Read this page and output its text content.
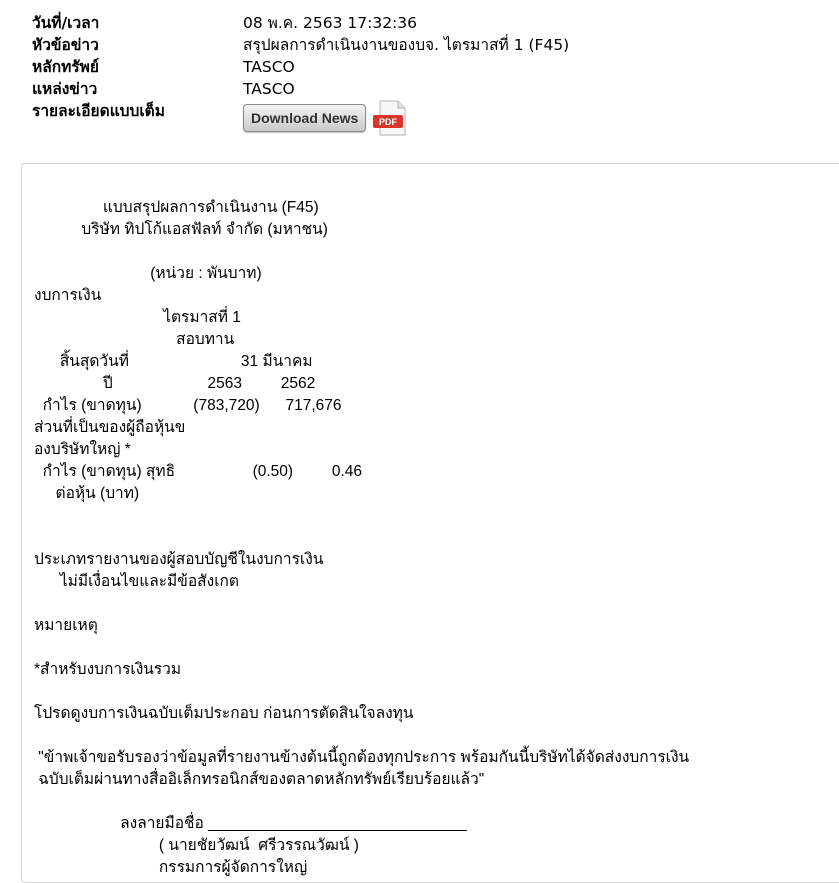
วันที่/เวลา	08 พ.ค. 2563 17:32:36
หัวข้อข่าว	สรุปผลการดำเนินงานของบจ. ไตรมาสที่ 1 (F45)
หลักทรัพย์	TASCO
แหล่งข่าว	TASCO
รายละเอียดแบบเต็ม	Download News	PDF
แบบสรุปผลการดำเนินงาน (F45)
บริษัท ทิปโก้แอสฟัลท์ จำกัด (มหาชน)

(หน่วย : พันบาท)
งบการเงิน
ไตรมาสที่ 1
สอบทาน
สิ้นสุดวันที่                          31 มีนาคม
ปี                      2563         2562
กำไร (ขาดทุน)            (783,720)      717,676
ส่วนที่เป็นของผู้ถือหุ้นข
องบริษัทใหญ่ *
กำไร (ขาดทุน) สุทธิ                  (0.50)         0.46
ต่อหุ้น (บาท)

ประเภทรายงานของผู้สอบบัญชีในงบการเงิน
ไม่มีเงื่อนไขและมีข้อสังเกต

หมายเหตุ

*สำหรับงบการเงินรวม

โปรดดูงบการเงินฉบับเต็มประกอบ ก่อนการตัดสินใจลงทุน

"ข้าพเจ้าขอรับรองว่าข้อมูลที่รายงานข้างต้นนี้ถูกต้องทุกประการ พร้อมกันนี้บริษัทได้จัดส่งงบการเงิน
ฉบับเต็มผ่านทางสื่ออิเล็กทรอนิกส์ของตลาดหลักทรัพย์เรียบร้อยแล้ว"

ลงลายมือชื่อ ______________________________
( นายชัยวัฒน์  ศรีวรรณวัฒน์ )
กรรมการผู้จัดการใหญ่
